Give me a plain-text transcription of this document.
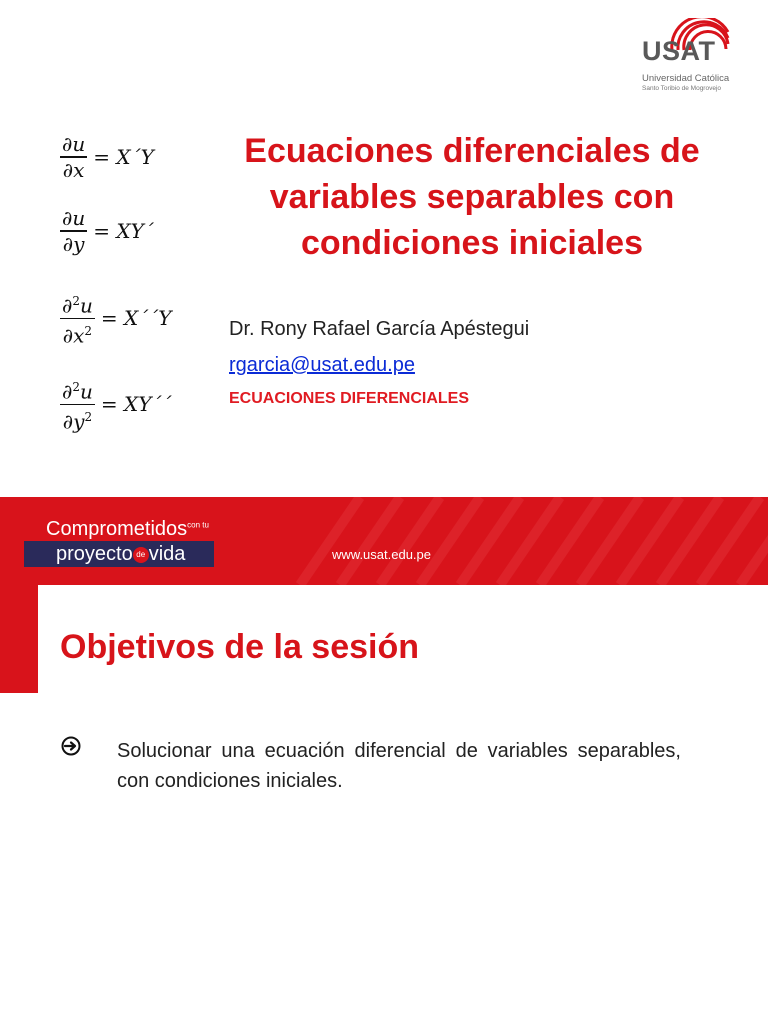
USAT
Universidad Católica
Santo Toribio de Mogrovejo
$\frac{\partial u}{\partial x}$ = X´Y
$\frac{\partial u}{\partial y}$ = XY´
$\frac{\partial^2u}{\partial x^2}$ = X´´Y
$\frac{\partial^2u}{\partial y^2}$ = XY´´
Ecuaciones diferenciales de variables separables con condiciones iniciales
Dr. Rony Rafael García Apéstegui
rgarcia@usat.edu.pe
ECUACIONES DIFERENCIALES
Comprometidos$^{con tu}$
proyecto de vida	www.usat.edu.pe
Objetivos de la sesión
Solucionar una ecuación diferencial de variables separables, con condiciones iniciales.
